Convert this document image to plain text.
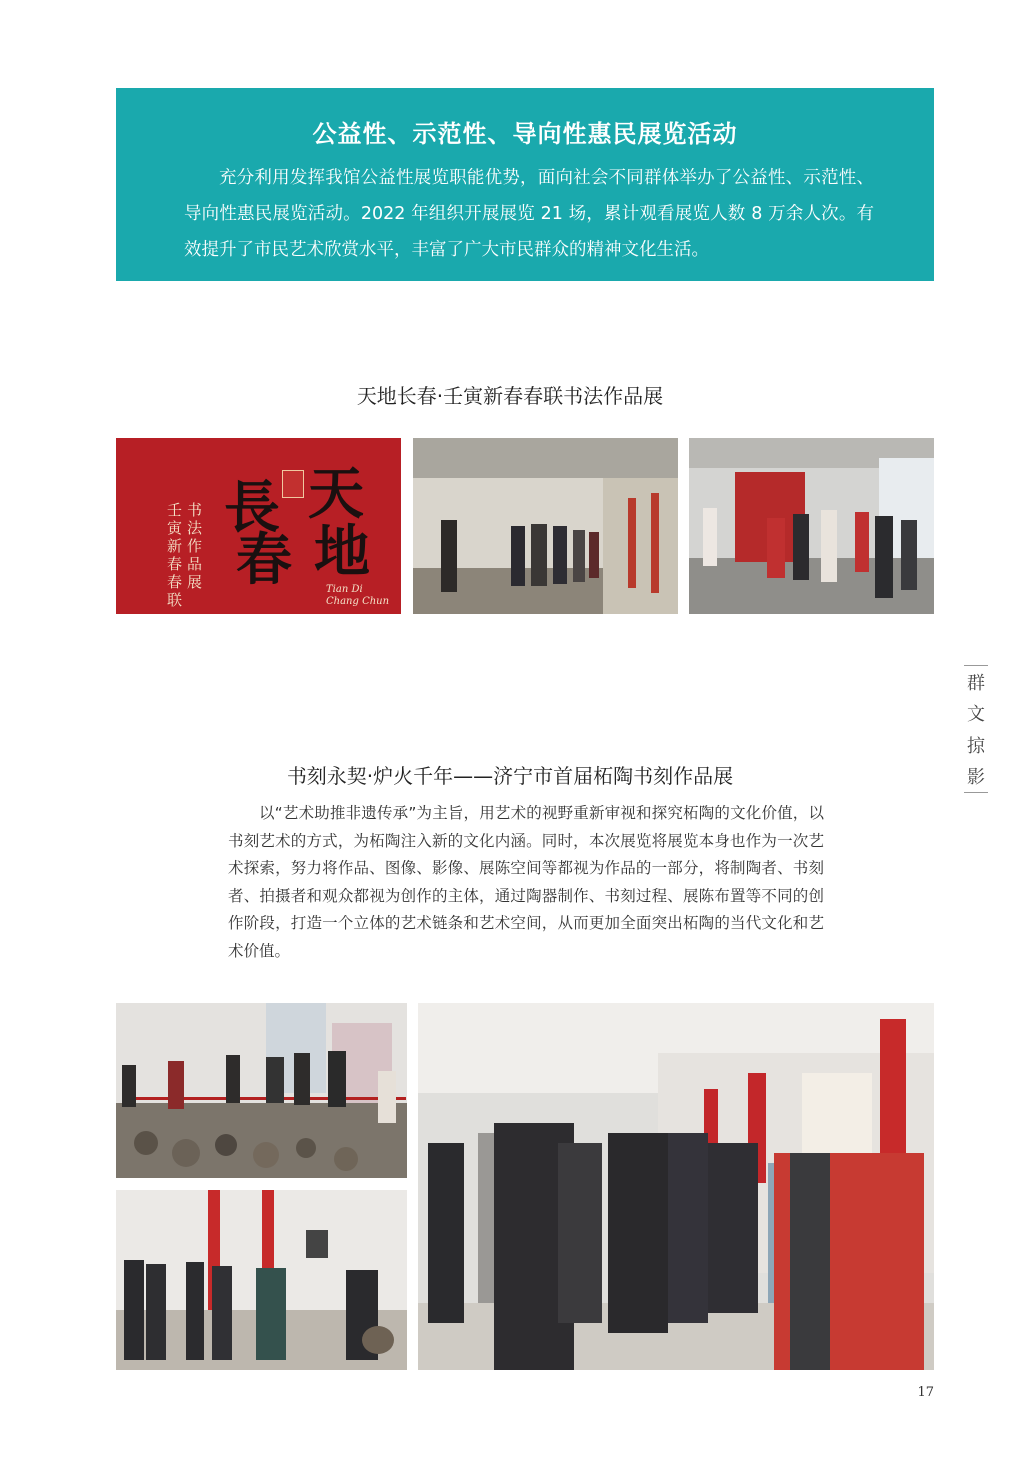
公益性、示范性、导向性惠民展览活动

充分利用发挥我馆公益性展览职能优势，面向社会不同群体举办了公益性、示范性、导向性惠民展览活动。2022 年组织开展展览 21 场，累计观看展览人数 8 万余人次。有效提升了市民艺术欣赏水平，丰富了广大市民群众的精神文化生活。

天地长春·壬寅新春春联书法作品展
壬寅新春春联 书法作品展 長 天
春 地
Tian Di
Chang Chun
群
文
掠
影
书刻永契·炉火千年——济宁市首届柘陶书刻作品展

以“艺术助推非遗传承”为主旨，用艺术的视野重新审视和探究柘陶的文化价值，以书刻艺术的方式，为柘陶注入新的文化内涵。同时，本次展览将展览本身也作为一次艺术探索，努力将作品、图像、影像、展陈空间等都视为作品的一部分，将制陶者、书刻者、拍摄者和观众都视为创作的主体，通过陶器制作、书刻过程、展陈布置等不同的创作阶段，打造一个立体的艺术链条和艺术空间，从而更加全面突出柘陶的当代文化和艺术价值。

17
